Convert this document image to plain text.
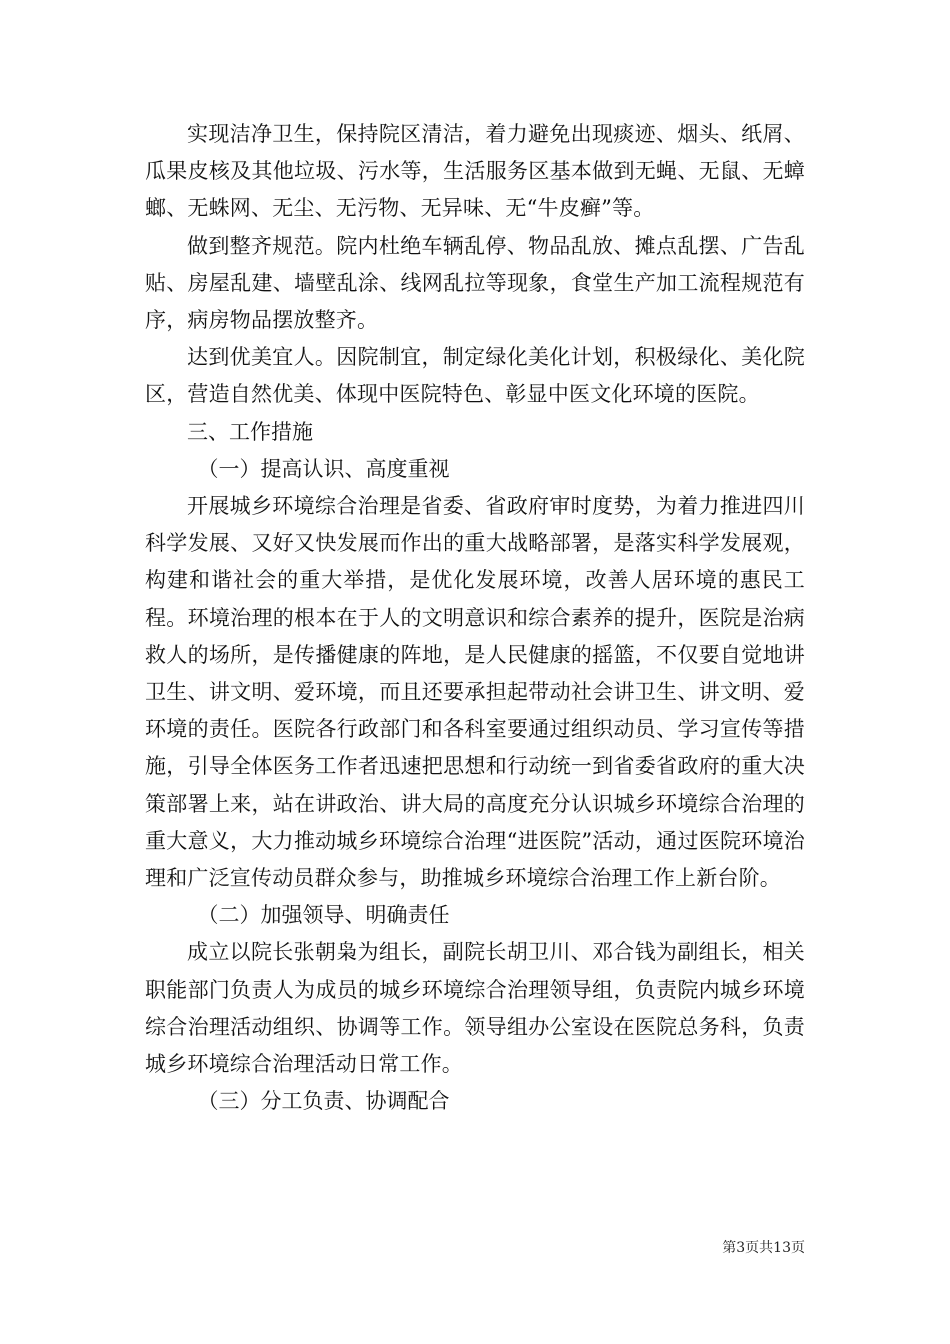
实现洁净卫生，保持院区清洁，着力避免出现痰迹、烟头、纸屑、瓜果皮核及其他垃圾、污水等，生活服务区基本做到无蝇、无鼠、无蟑螂、无蛛网、无尘、无污物、无异味、无“牛皮癣”等。

做到整齐规范。院内杜绝车辆乱停、物品乱放、摊点乱摆、广告乱贴、房屋乱建、墙壁乱涂、线网乱拉等现象，食堂生产加工流程规范有序，病房物品摆放整齐。

达到优美宜人。因院制宜，制定绿化美化计划，积极绿化、美化院区，营造自然优美、体现中医院特色、彰显中医文化环境的医院。

三、工作措施

（一）提高认识、高度重视

开展城乡环境综合治理是省委、省政府审时度势，为着力推进四川科学发展、又好又快发展而作出的重大战略部署，是落实科学发展观，构建和谐社会的重大举措，是优化发展环境，改善人居环境的惠民工程。环境治理的根本在于人的文明意识和综合素养的提升，医院是治病救人的场所，是传播健康的阵地，是人民健康的摇篮，不仅要自觉地讲卫生、讲文明、爱环境，而且还要承担起带动社会讲卫生、讲文明、爱环境的责任。医院各行政部门和各科室要通过组织动员、学习宣传等措施，引导全体医务工作者迅速把思想和行动统一到省委省政府的重大决策部署上来，站在讲政治、讲大局的高度充分认识城乡环境综合治理的重大意义，大力推动城乡环境综合治理“进医院”活动，通过医院环境治理和广泛宣传动员群众参与，助推城乡环境综合治理工作上新台阶。

（二）加强领导、明确责任

成立以院长张朝枭为组长，副院长胡卫川、邓合钱为副组长，相关职能部门负责人为成员的城乡环境综合治理领导组，负责院内城乡环境综合治理活动组织、协调等工作。领导组办公室设在医院总务科，负责城乡环境综合治理活动日常工作。

（三）分工负责、协调配合

第3页共13页
